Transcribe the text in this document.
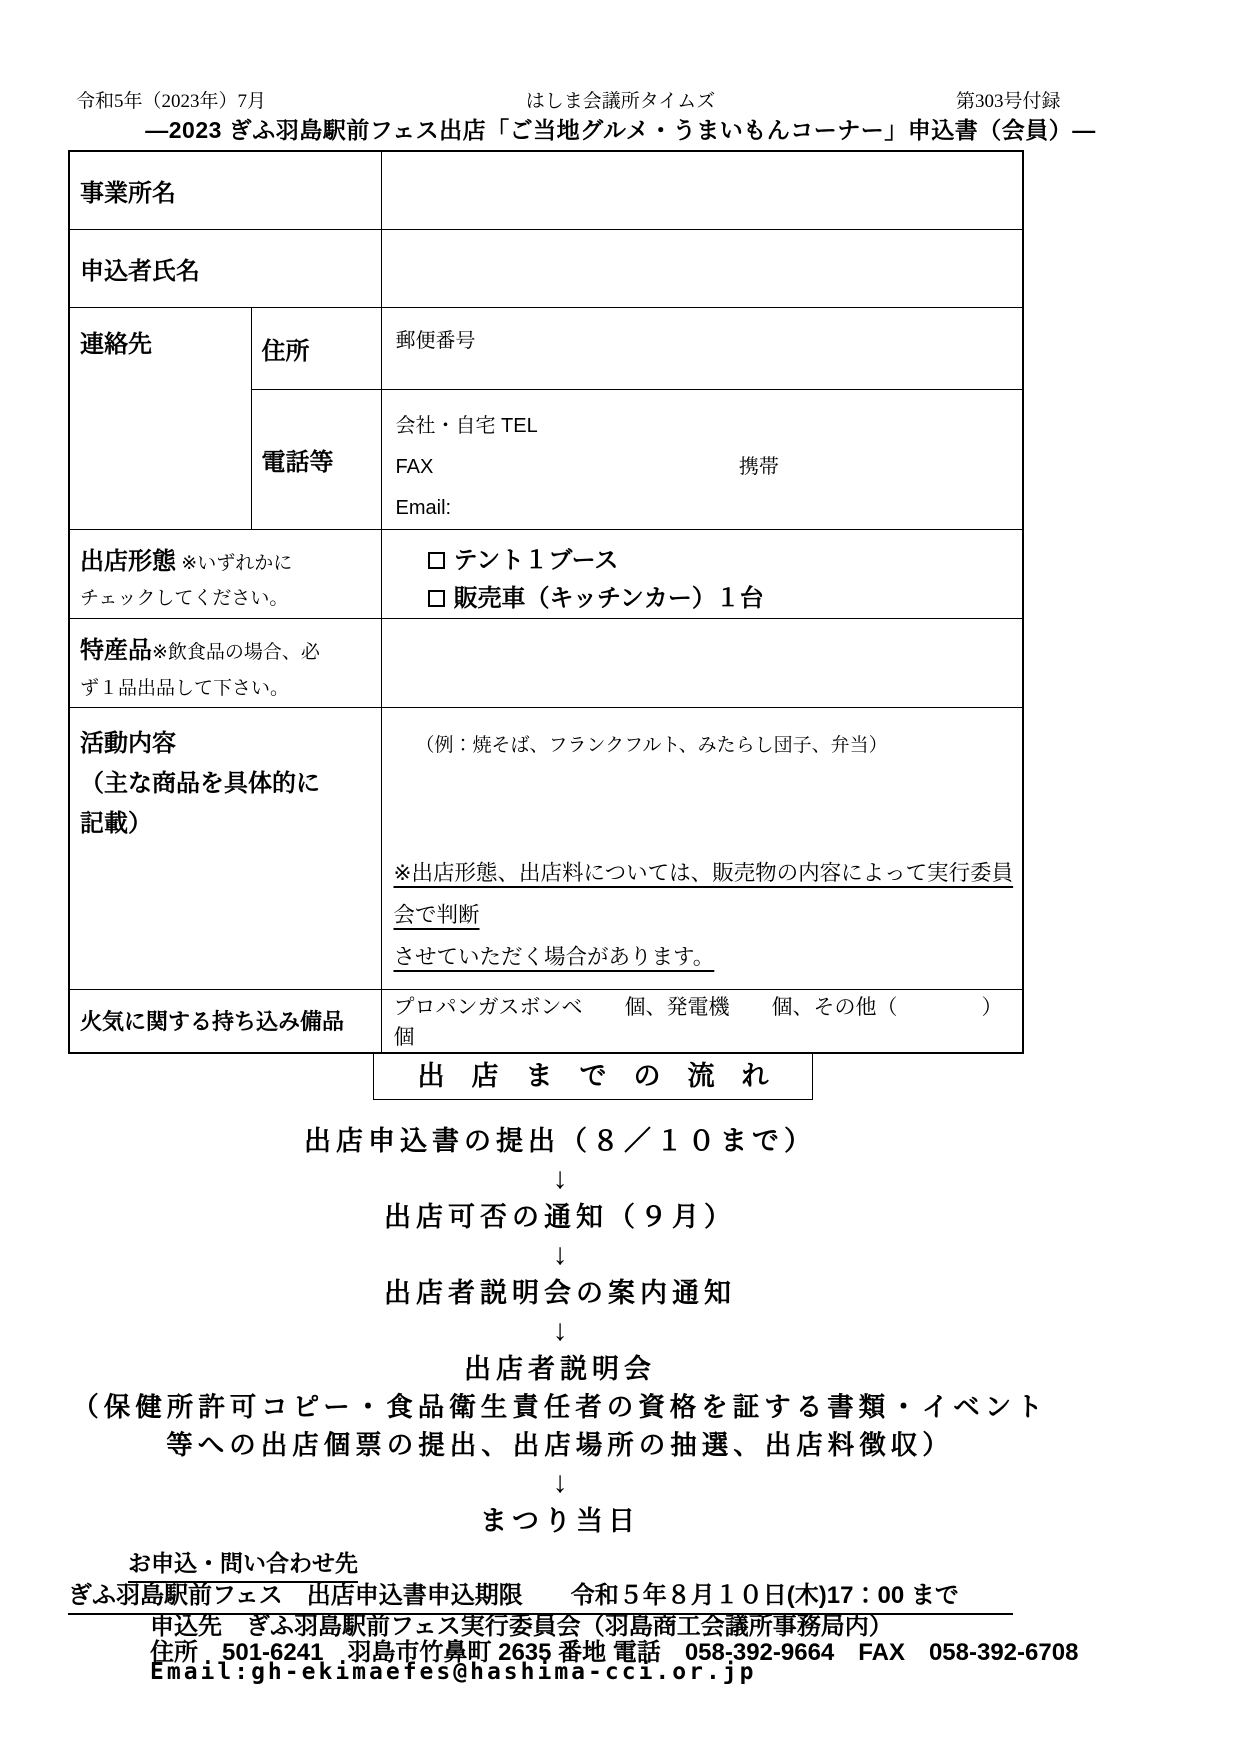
はしま会議所タイムズ
令和5年（2023年）7月	第303号付録
―2023 ぎふ羽島駅前フェス出店「ご当地グルメ・うまいもんコーナー」申込書（会員）―
事業所名		
申込者氏名		
連絡先	住所	郵便番号
	電話等	会社・自宅 TEL
FAX 携帯
Email:

出店形態 ※いずれかに
チェックしてください。

テント１ブース
販売車（キッチンカー）１台

特産品※飲食品の場合、必
ず１品出品して下さい。		

活動内容
（主な商品を具体的に
記載）

（例：焼そば、フランクフルト、みたらし団子、弁当）
※出店形態、出店料については、販売物の内容によって実行委員会で判断
させていただく場合があります。

火気に関する持ち込み備品		プロパンガスボンベ　　個、発電機　　個、その他（　　　　）　個
出　店　ま　で　の　流　れ
出店申込書の提出（８／１０まで）
↓
出店可否の通知（９月）
↓
出店者説明会の案内通知
↓
出店者説明会
（保健所許可コピー・食品衛生責任者の資格を証する書類・イベント
等への出店個票の提出、出店場所の抽選、出店料徴収）
↓
まつり当日
お申込・問い合わせ先
ぎふ羽島駅前フェス　出店申込書申込期限　　令和５年８月１０日(木)17：00 まで
申込先　ぎふ羽島駅前フェス実行委員会（羽島商工会議所事務局内）
住所　501-6241　羽島市竹鼻町 2635 番地 電話　058-392-9664　FAX　058-392-6708
Email:gh-ekimaefes@hashima-cci.or.jp
